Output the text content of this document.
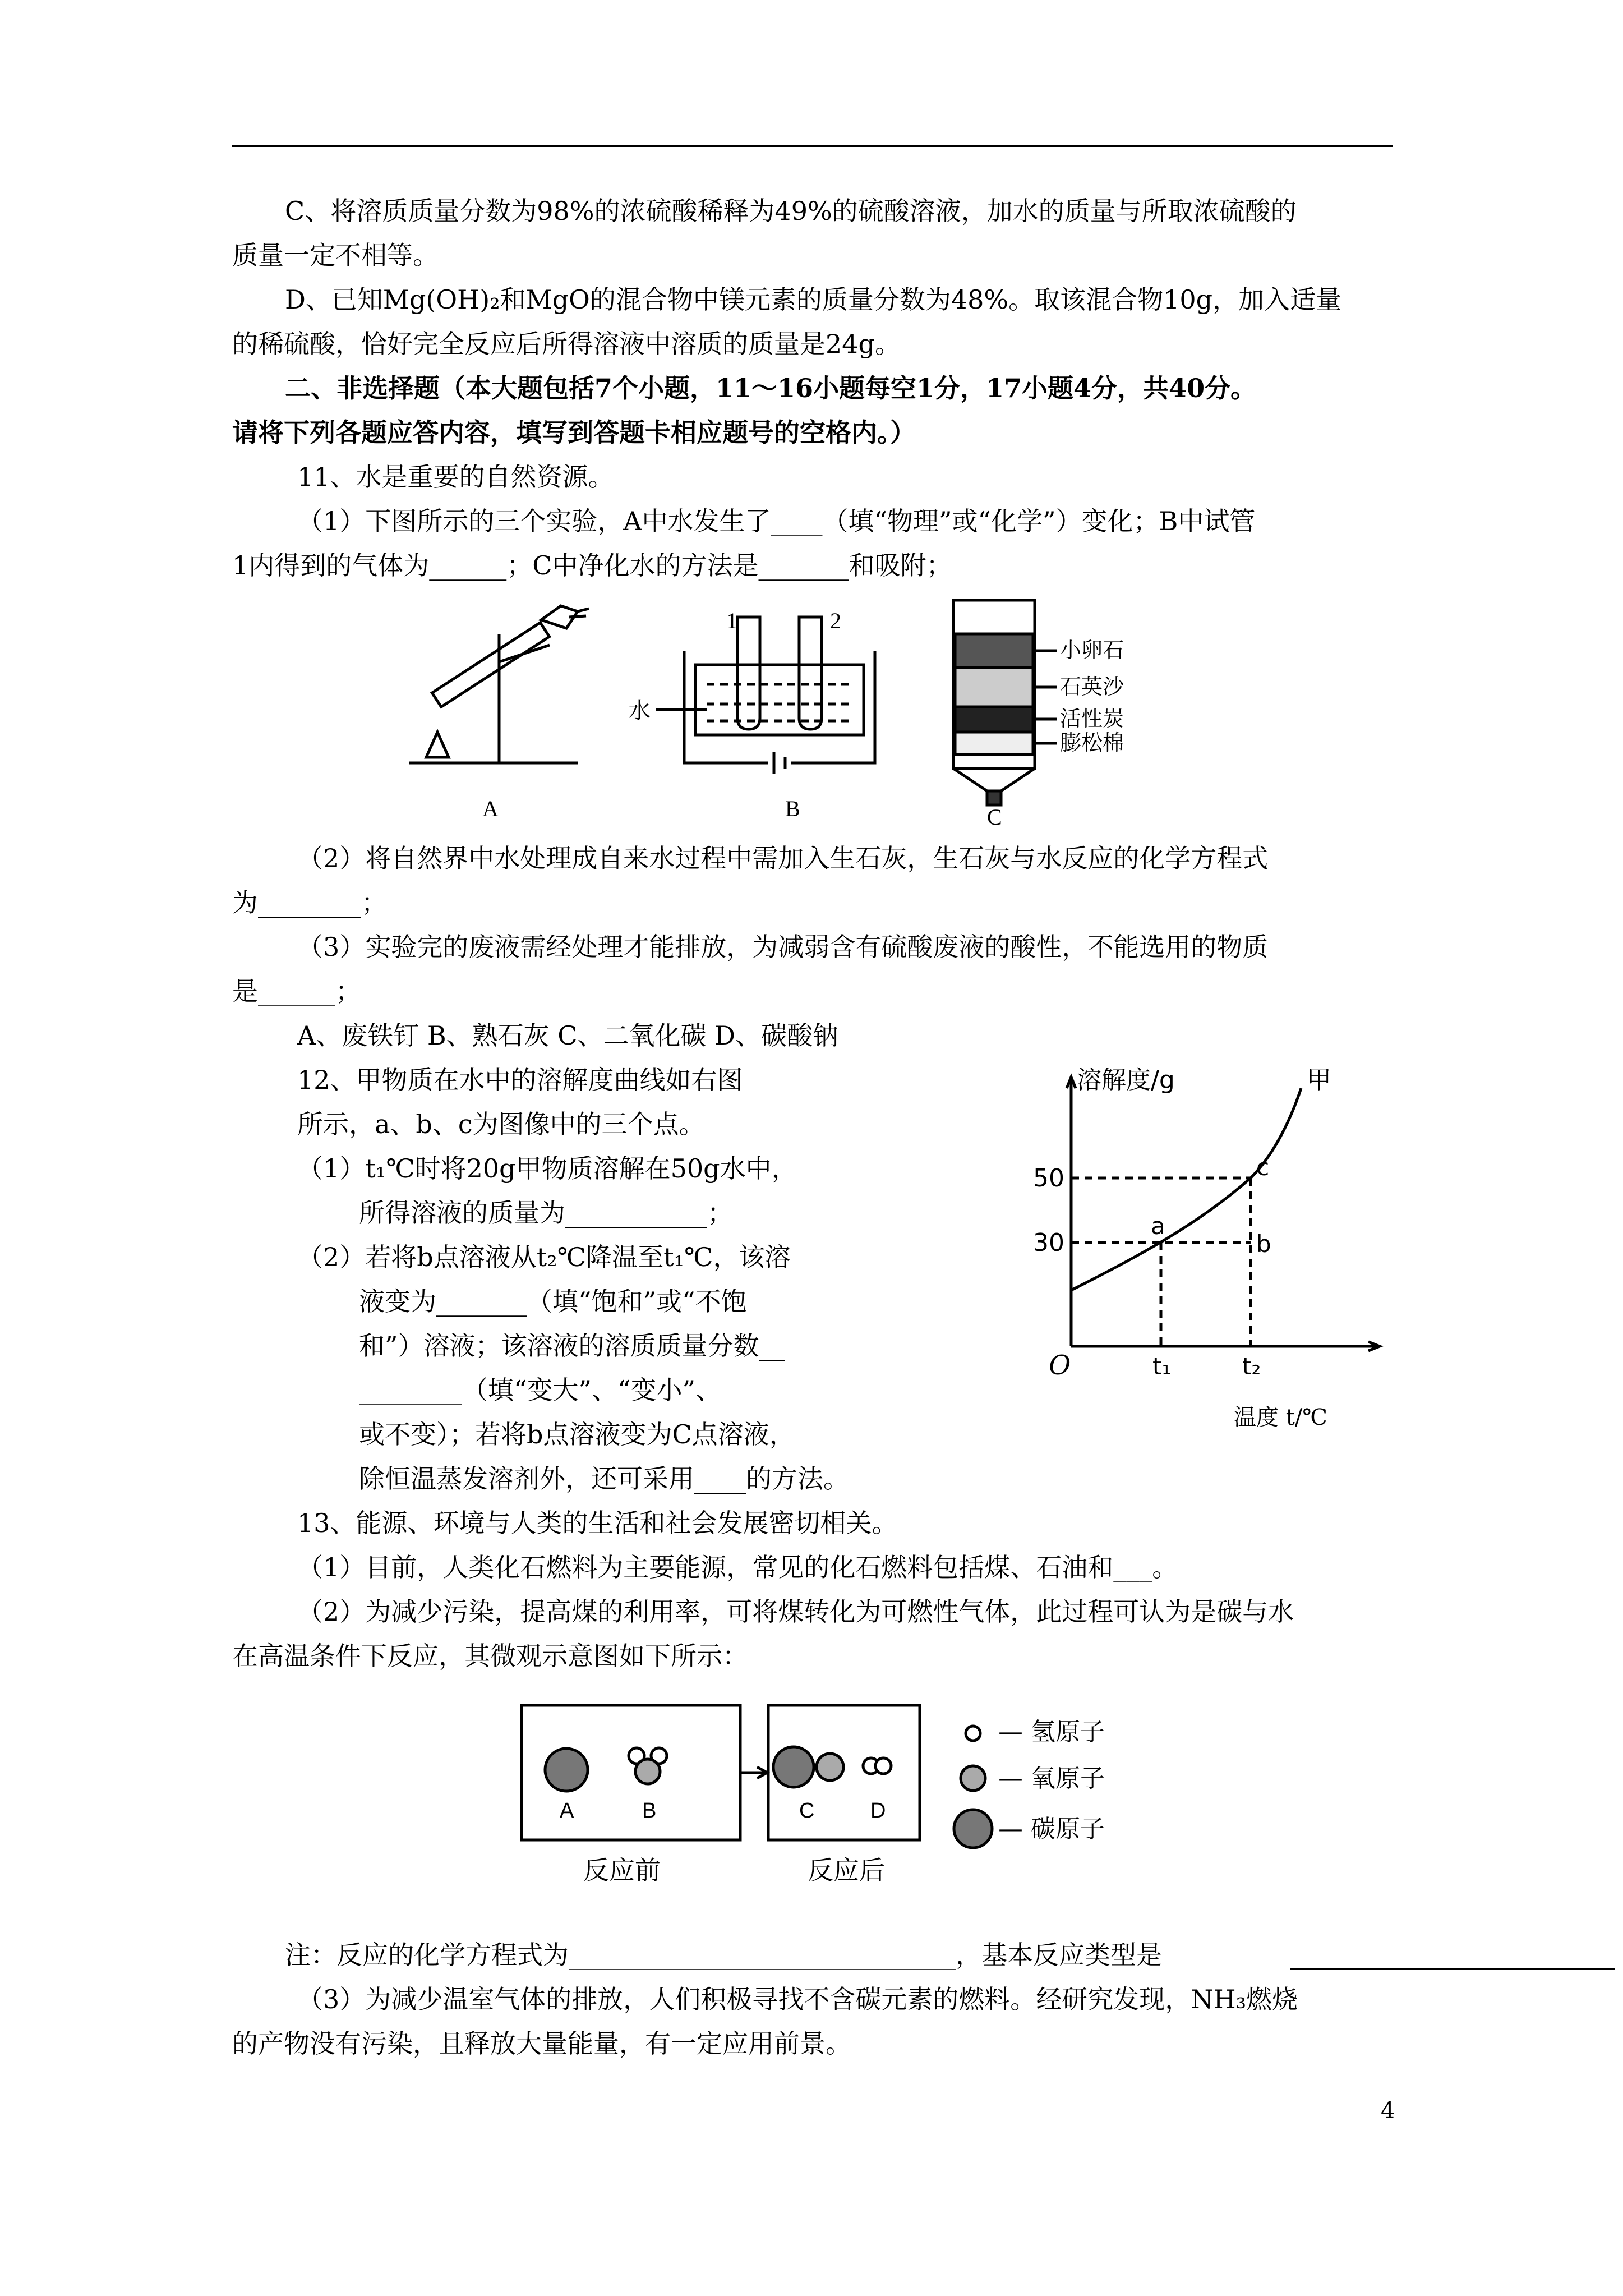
C、将溶质质量分数为98%的浓硫酸稀释为49%的硫酸溶液，加水的质量与所取浓硫酸的
质量一定不相等。
D、已知Mg(OH)₂和MgO的混合物中镁元素的质量分数为48%。取该混合物10g，加入适量
的稀硫酸，恰好完全反应后所得溶液中溶质的质量是24g。
二、非选择题（本大题包括7个小题，11～16小题每空1分，17小题4分，共40分。
请将下列各题应答内容，填写到答题卡相应题号的空格内。）
11、水是重要的自然资源。
（1）下图所示的三个实验，A中水发生了____（填“物理”或“化学”）变化；B中试管
1内得到的气体为______；C中净化水的方法是_______和吸附；
A
1	2
水
B
小卵石
石英沙
活性炭
膨松棉
C
（2）将自然界中水处理成自来水过程中需加入生石灰，生石灰与水反应的化学方程式
为________；
（3）实验完的废液需经处理才能排放，为减弱含有硫酸废液的酸性，不能选用的物质
是______；
A、废铁钉 B、熟石灰 C、二氧化碳 D、碳酸钠
12、甲物质在水中的溶解度曲线如右图
所示，a、b、c为图像中的三个点。
（1）t₁℃时将20g甲物质溶解在50g水中，
所得溶液的质量为___________；
（2）若将b点溶液从t₂℃降温至t₁℃，该溶
液变为_______（填“饱和”或“不饱
和”）溶液；该溶液的溶质质量分数__
________（填“变大”、“变小”、
或不变）；若将b点溶液变为C点溶液，
除恒温蒸发溶剂外，还可采用____的方法。
溶解度/g	甲
50
30
O	t₁	t₂
a
b
c
温度 t/℃
13、能源、环境与人类的生活和社会发展密切相关。
（1）目前，人类化石燃料为主要能源，常见的化石燃料包括煤、石油和___。
（2）为减少污染，提高煤的利用率，可将煤转化为可燃性气体，此过程可认为是碳与水
在高温条件下反应，其微观示意图如下所示：
A	B	C	D
反应前	反应后
— 氢原子
— 氧原子
— 碳原子
注：反应的化学方程式为______________________________，基本反应类型是
（3）为减少温室气体的排放，人们积极寻找不含碳元素的燃料。经研究发现，NH₃燃烧
的产物没有污染，且释放大量能量，有一定应用前景。
4
